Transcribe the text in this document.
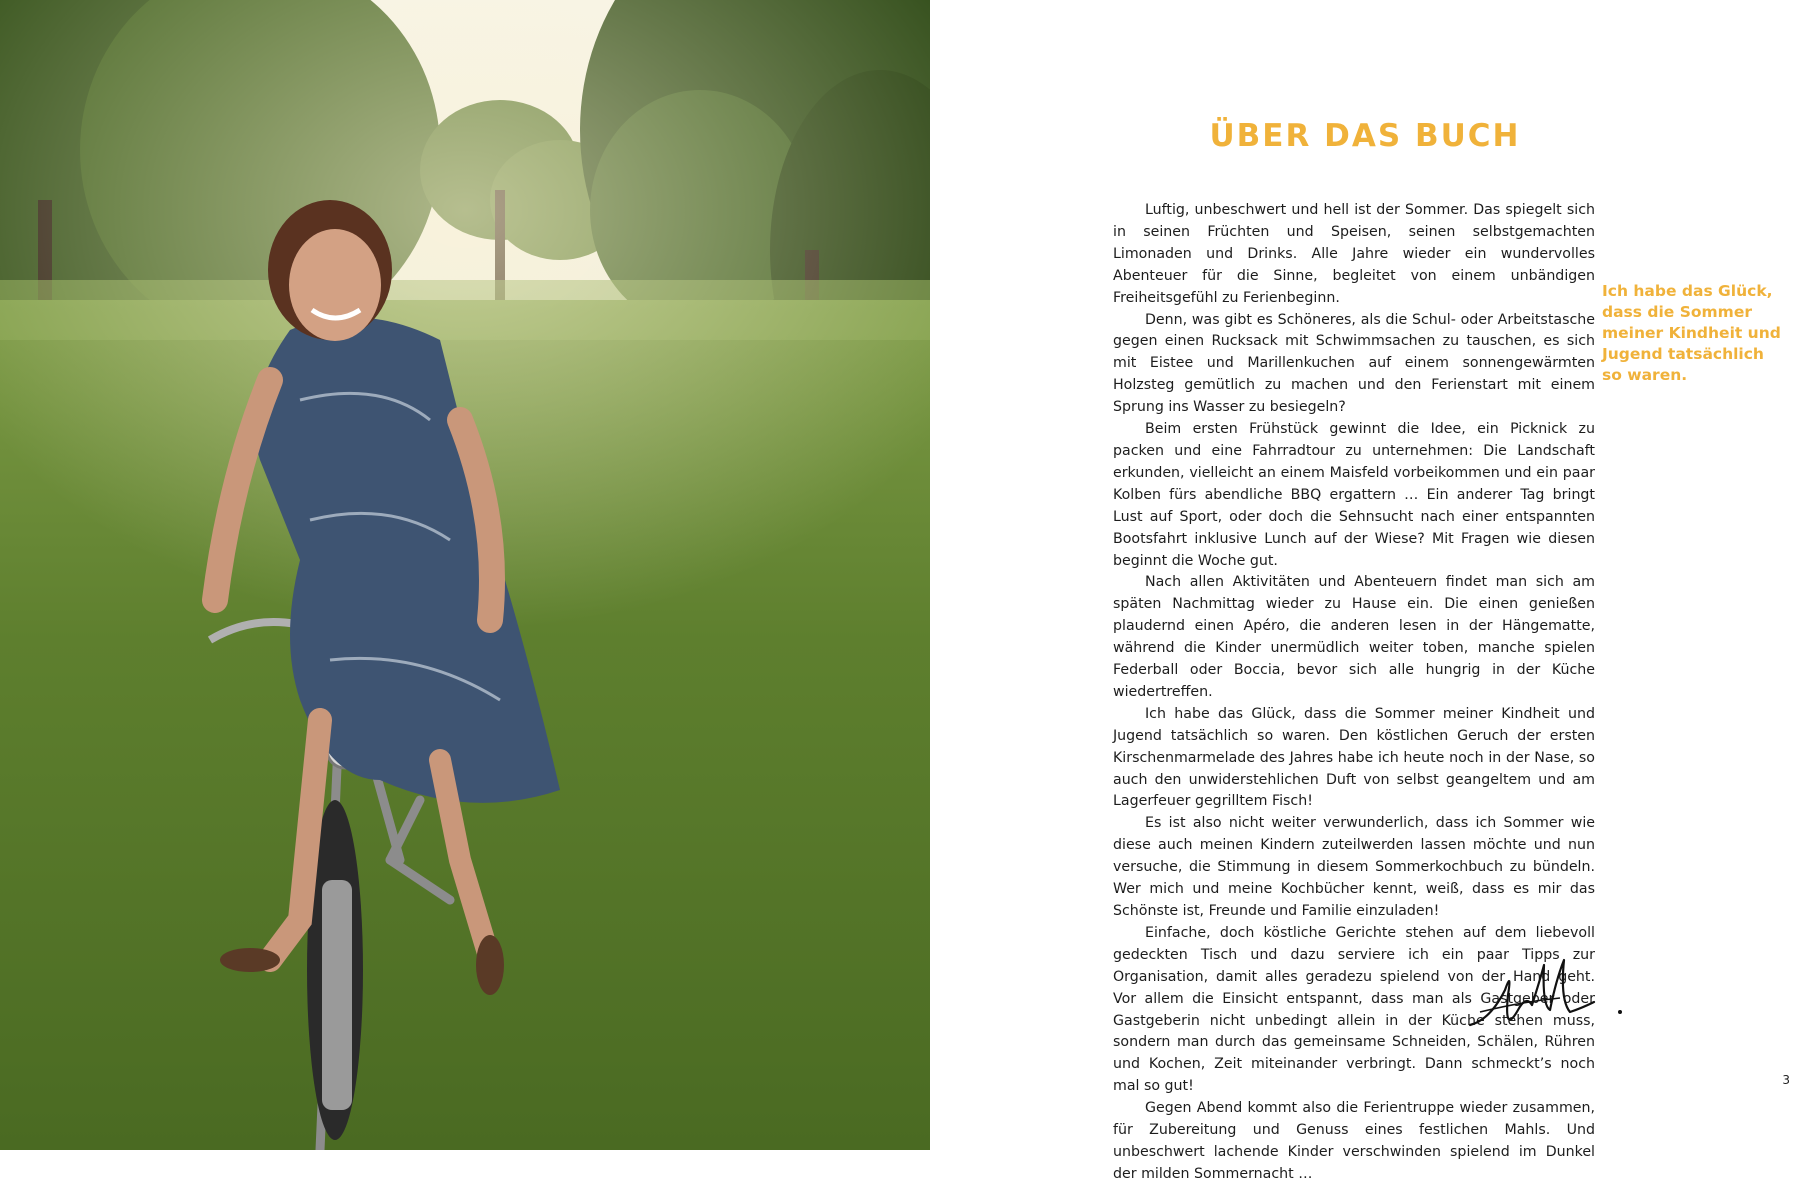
ÜBER DAS BUCH

Luftig, unbeschwert und hell ist der Sommer. Das spiegelt sich in seinen Früchten und Speisen, seinen selbstgemachten Limonaden und Drinks. Alle Jahre wieder ein wundervolles Abenteuer für die Sinne, begleitet von einem unbändigen Freiheitsgefühl zu Ferienbeginn.

Denn, was gibt es Schöneres, als die Schul- oder Arbeitstasche gegen einen Rucksack mit Schwimmsachen zu tauschen, es sich mit Eistee und Marillenkuchen auf einem sonnengewärmten Holzsteg gemütlich zu machen und den Ferienstart mit einem Sprung ins Wasser zu besiegeln?

Beim ersten Frühstück gewinnt die Idee, ein Picknick zu packen und eine Fahrradtour zu unternehmen: Die Landschaft erkunden, vielleicht an einem Maisfeld vorbeikommen und ein paar Kolben fürs abendliche BBQ ergattern … Ein anderer Tag bringt Lust auf Sport, oder doch die Sehnsucht nach einer entspannten Bootsfahrt inklusive Lunch auf der Wiese? Mit Fragen wie diesen beginnt die Woche gut.

Nach allen Aktivitäten und Abenteuern findet man sich am späten Nachmittag wieder zu Hause ein. Die einen genießen plaudernd einen Apéro, die anderen lesen in der Hängematte, während die Kinder unermüdlich weiter toben, manche spielen Federball oder Boccia, bevor sich alle hungrig in der Küche wiedertreffen.

Ich habe das Glück, dass die Sommer meiner Kindheit und Jugend tatsächlich so waren. Den köstlichen Geruch der ersten Kirschenmarmelade des Jahres habe ich heute noch in der Nase, so auch den unwiderstehlichen Duft von selbst geangeltem und am Lagerfeuer gegrilltem Fisch!

Es ist also nicht weiter verwunderlich, dass ich Sommer wie diese auch meinen Kindern zuteilwerden lassen möchte und nun versuche, die Stimmung in diesem Sommerkochbuch zu bündeln. Wer mich und meine Kochbücher kennt, weiß, dass es mir das Schönste ist, Freunde und Familie einzuladen!

Einfache, doch köstliche Gerichte stehen auf dem liebevoll gedeckten Tisch und dazu serviere ich ein paar Tipps zur Organisation, damit alles geradezu spielend von der Hand geht. Vor allem die Einsicht entspannt, dass man als Gastgeber oder Gastgeberin nicht unbedingt allein in der Küche stehen muss, sondern man durch das gemeinsame Schneiden, Schälen, Rühren und Kochen, Zeit miteinander verbringt. Dann schmeckt’s noch mal so gut!

Gegen Abend kommt also die Ferientruppe wieder zusammen, für Zubereitung und Genuss eines festlichen Mahls. Und unbeschwert lachende Kinder verschwinden spielend im Dunkel der milden Sommernacht …

Ich habe das Glück, dass die Sommer meiner Kindheit und Jugend tatsächlich so waren.
3
